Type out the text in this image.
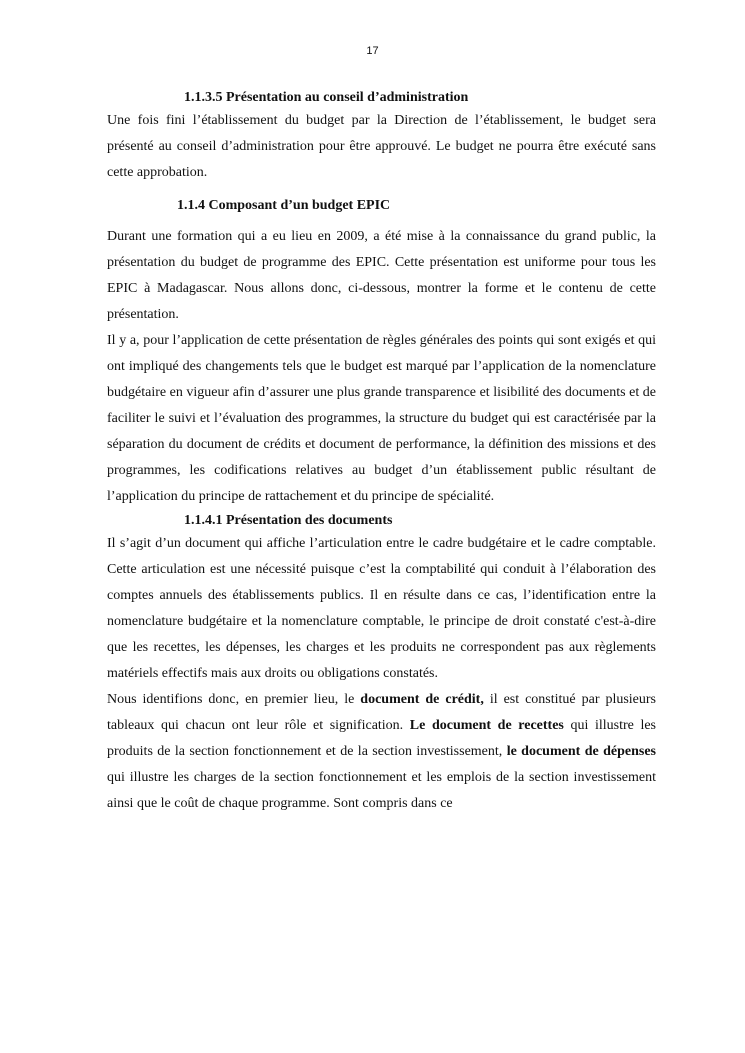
17
1.1.3.5 Présentation au conseil d’administration

Une fois fini l’établissement du budget par la Direction de l’établissement, le budget sera présenté au conseil d’administration pour être approuvé. Le budget ne pourra être exécuté sans cette approbation.

1.1.4 Composant d’un budget EPIC

Durant une formation qui a eu lieu en 2009, a été mise à la connaissance du grand public, la présentation du budget de programme des EPIC. Cette présentation est uniforme pour tous les EPIC à Madagascar. Nous allons donc, ci-dessous, montrer la forme et le contenu de cette présentation.

Il y a, pour l’application de cette présentation de règles générales des points qui sont exigés et qui ont impliqué des changements tels que le budget est marqué par l’application de la nomenclature budgétaire en vigueur afin d’assurer une plus grande transparence et lisibilité des documents et de faciliter le suivi et l’évaluation des programmes, la structure du budget qui est caractérisée par la séparation du document de crédits et document de performance, la définition des missions et des programmes, les codifications relatives au budget d’un établissement public résultant de l’application du principe de rattachement et du principe de spécialité.

1.1.4.1 Présentation des documents

Il s’agit d’un document qui affiche l’articulation entre le cadre budgétaire et le cadre comptable. Cette articulation est une nécessité puisque c’est la comptabilité qui conduit à l’élaboration des comptes annuels des établissements publics. Il en résulte dans ce cas, l’identification entre la nomenclature budgétaire et la nomenclature comptable, le principe de droit constaté c'est-à-dire que les recettes, les dépenses, les charges et les produits ne correspondent pas aux règlements matériels effectifs mais aux droits ou obligations constatés.

Nous identifions donc, en premier lieu, le document de crédit, il est constitué par plusieurs tableaux qui chacun ont leur rôle et signification. Le document de recettes qui illustre les produits de la section fonctionnement et de la section investissement, le document de dépenses qui illustre les charges de la section fonctionnement et les emplois de la section investissement ainsi que le coût de chaque programme. Sont compris dans ce
